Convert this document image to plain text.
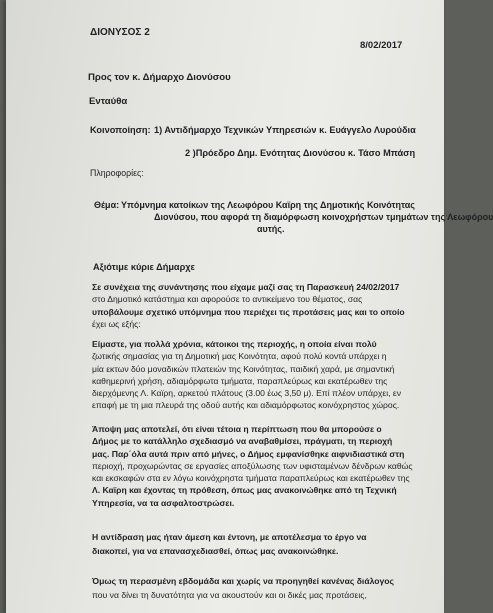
ΔΙΟΝΥΣΟΣ 2
8/02/2017
Προς τον κ. Δήμαρχο Διονύσου
Ενταύθα
Κοινοποίηση: 1) Αντιδήμαρχο Τεχνικών Υπηρεσιών κ. Ευάγγελο Λυρούδια
2 )Πρόεδρο Δημ. Ενότητας Διονύσου κ. Τάσο Μπάση
Πληροφορίες:
Θέμα: Υπόμνημα κατοίκων της Λεωφόρου Καϊρη της Δημοτικής Κοινότητας
Διονύσου, που αφορά τη διαμόρφωση κοινοχρήστων τμημάτων της Λεωφόρου
αυτής.
Αξιότιμε κύριε Δήμαρχε
Σε συνέχεια της συνάντησης που είχαμε μαζί σας τη Παρασκευή 24/02/2017
στο Δημοτικό κατάστημα και αφορούσε το αντικείμενο του θέματος, σας
υποβάλουμε σχετικό υπόμνημα που περιέχει τις προτάσεις μας και το οποίο
έχει ως εξής:
Είμαστε, για πολλά χρόνια, κάτοικοι της περιοχής, η οποία είναι πολύ
ζωτικής σημασίας για τη Δημοτική μας Κοινότητα, αφού πολύ κοντά υπάρχει η
μία εκτων δύο μοναδικών πλατειών της Κοινότητας, παιδική χαρά, με σημαντική
καθημερινή χρήση, αδιαμόρφωτα τμήματα, παραπλεύρως και εκατέρωθεν της
διερχόμενης Λ. Καϊρη, αρκετού πλάτους (3.00 έως 3,50 μ). Επί πλέον υπάρχει, εν
επαφή με τη μια πλευρά της οδού αυτής και αδιαμόρφωτος κοινόχρηστος χώρος.
Άποψη μας αποτελεί, ότι είναι τέτοια η περίπτωση που θα μπορούσε ο
Δήμος με το κατάλληλο σχεδιασμό να αναβαθμίσει, πράγματι, τη περιοχή
μας. Παρ΄όλα αυτά πριν από μήνες, ο Δήμος εμφανίσθηκε αιφνιδιαστικά στη
περιοχή, προχωρώντας σε εργασίες αποξύλωσης των υφισταμένων δένδρων καθώς
και εκσκαφών στα εν λόγω κοινόχρηστα τμήματα παραπλεύρως και εκατέρωθεν της
Λ. Καϊρη και έχοντας τη πρόθεση, όπως μας ανακοινώθηκε από τη Τεχνική
Υπηρεσία, να τα ασφαλτοστρώσει.
Η αντίδραση μας ήταν άμεση και έντονη, με αποτέλεσμα το έργο να
διακοπεί, για να επανασχεδιασθεί, όπως μας ανακοινώθηκε.
Όμως τη περασμένη εβδομάδα και χωρίς να προηγηθεί κανένας διάλογος
που να δίνει τη δυνατότητα για να ακουστούν και οι δικές μας προτάσεις,
